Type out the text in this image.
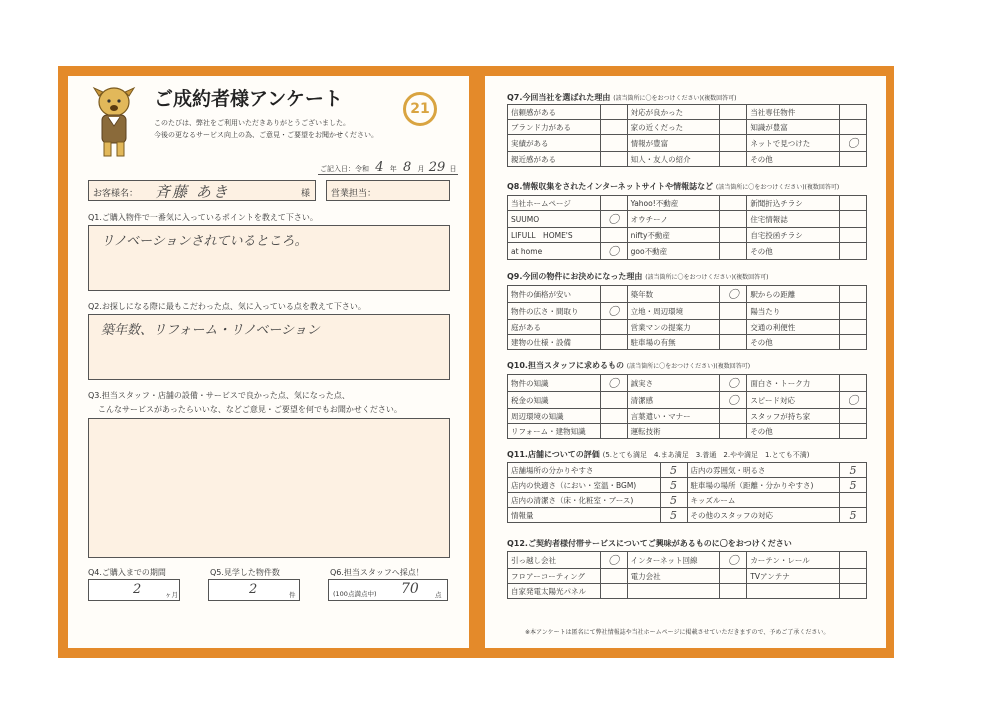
ご成約者様アンケート
このたびは、弊社をご利用いただきありがとうございました。
今後の更なるサービス向上の為、ご意見・ご要望をお聞かせください。
21
ご記入日：令和 4 年 8 月 29 日
お客様名： 斉藤 あき	様 営業担当：
Q1.ご購入物件で一番気に入っているポイントを教えて下さい。
リノベーションされているところ。
Q2.お探しになる際に最もこだわった点、気に入っている点を教えて下さい。
築年数、リフォーム・リノベーション
Q3.担当スタッフ・店舗の設備・サービスで良かった点、気になった点、
こんなサービスがあったらいいな、などご意見・ご要望を何でもお聞かせください。
Q4.ご購入までの期間
2	ヶ月
Q5.見学した物件数
2	件
Q6.担当スタッフへ採点！
(100点満点中) 70 点
Q7.今回当社を選ばれた理由 (該当箇所に〇をおつけください)(複数回答可)
信頼感がある		対応が良かった		当社専任物件	
ブランド力がある		家の近くだった		知識が豊富	
実績がある		情報が豊富		ネットで見つけた	〇
親近感がある		知人・友人の紹介		その他	
Q8.情報収集をされたインターネットサイトや情報誌など (該当箇所に〇をおつけください)(複数回答可)
当社ホームページ		Yahoo!不動産		新聞折込チラシ	
SUUMO	〇	オウチーノ		住宅情報誌	
LIFULL　HOME'S		nifty不動産		自宅投函チラシ	
at home	〇	goo不動産		その他	
Q9.今回の物件にお決めになった理由 (該当箇所に〇をおつけください)(複数回答可)
物件の価格が安い		築年数	〇	駅からの距離	
物件の広さ・間取り	〇	立地・周辺環境		陽当たり	
庭がある		営業マンの提案力		交通の利便性	
建物の仕様・設備		駐車場の有無		その他	
Q10.担当スタッフに求めるもの (該当箇所に〇をおつけください)(複数回答可)
物件の知識	〇	誠実さ	〇	面白さ・トーク力	
税金の知識		清潔感	〇	スピード対応	〇
周辺環境の知識		言葉遣い・マナー		スタッフが持ち家	
リフォーム・建物知識		運転技術		その他	
Q11.店舗についての評価 (5.とても満足　4.まあ満足　3.普通　2.やや満足　1.とても不満)
店舗場所の分かりやすさ	5	店内の雰囲気・明るさ	5
店内の快適さ（におい・室温・BGM)	5	駐車場の場所（距離・分かりやすさ)	5
店内の清潔さ（床・化粧室・ブース)	5	キッズルーム	
情報量	5	その他のスタッフの対応	5
Q12.ご契約者様付帯サービスについてご興味があるものに〇をおつけください
引っ越し会社	〇	インターネット回線	〇	カーテン・レール	
フロアーコーティング		電力会社		TVアンテナ	
自家発電太陽光パネル					
※本アンケートは匿名にて弊社情報誌や当社ホームページに掲載させていただきますので、予めご了承ください。
